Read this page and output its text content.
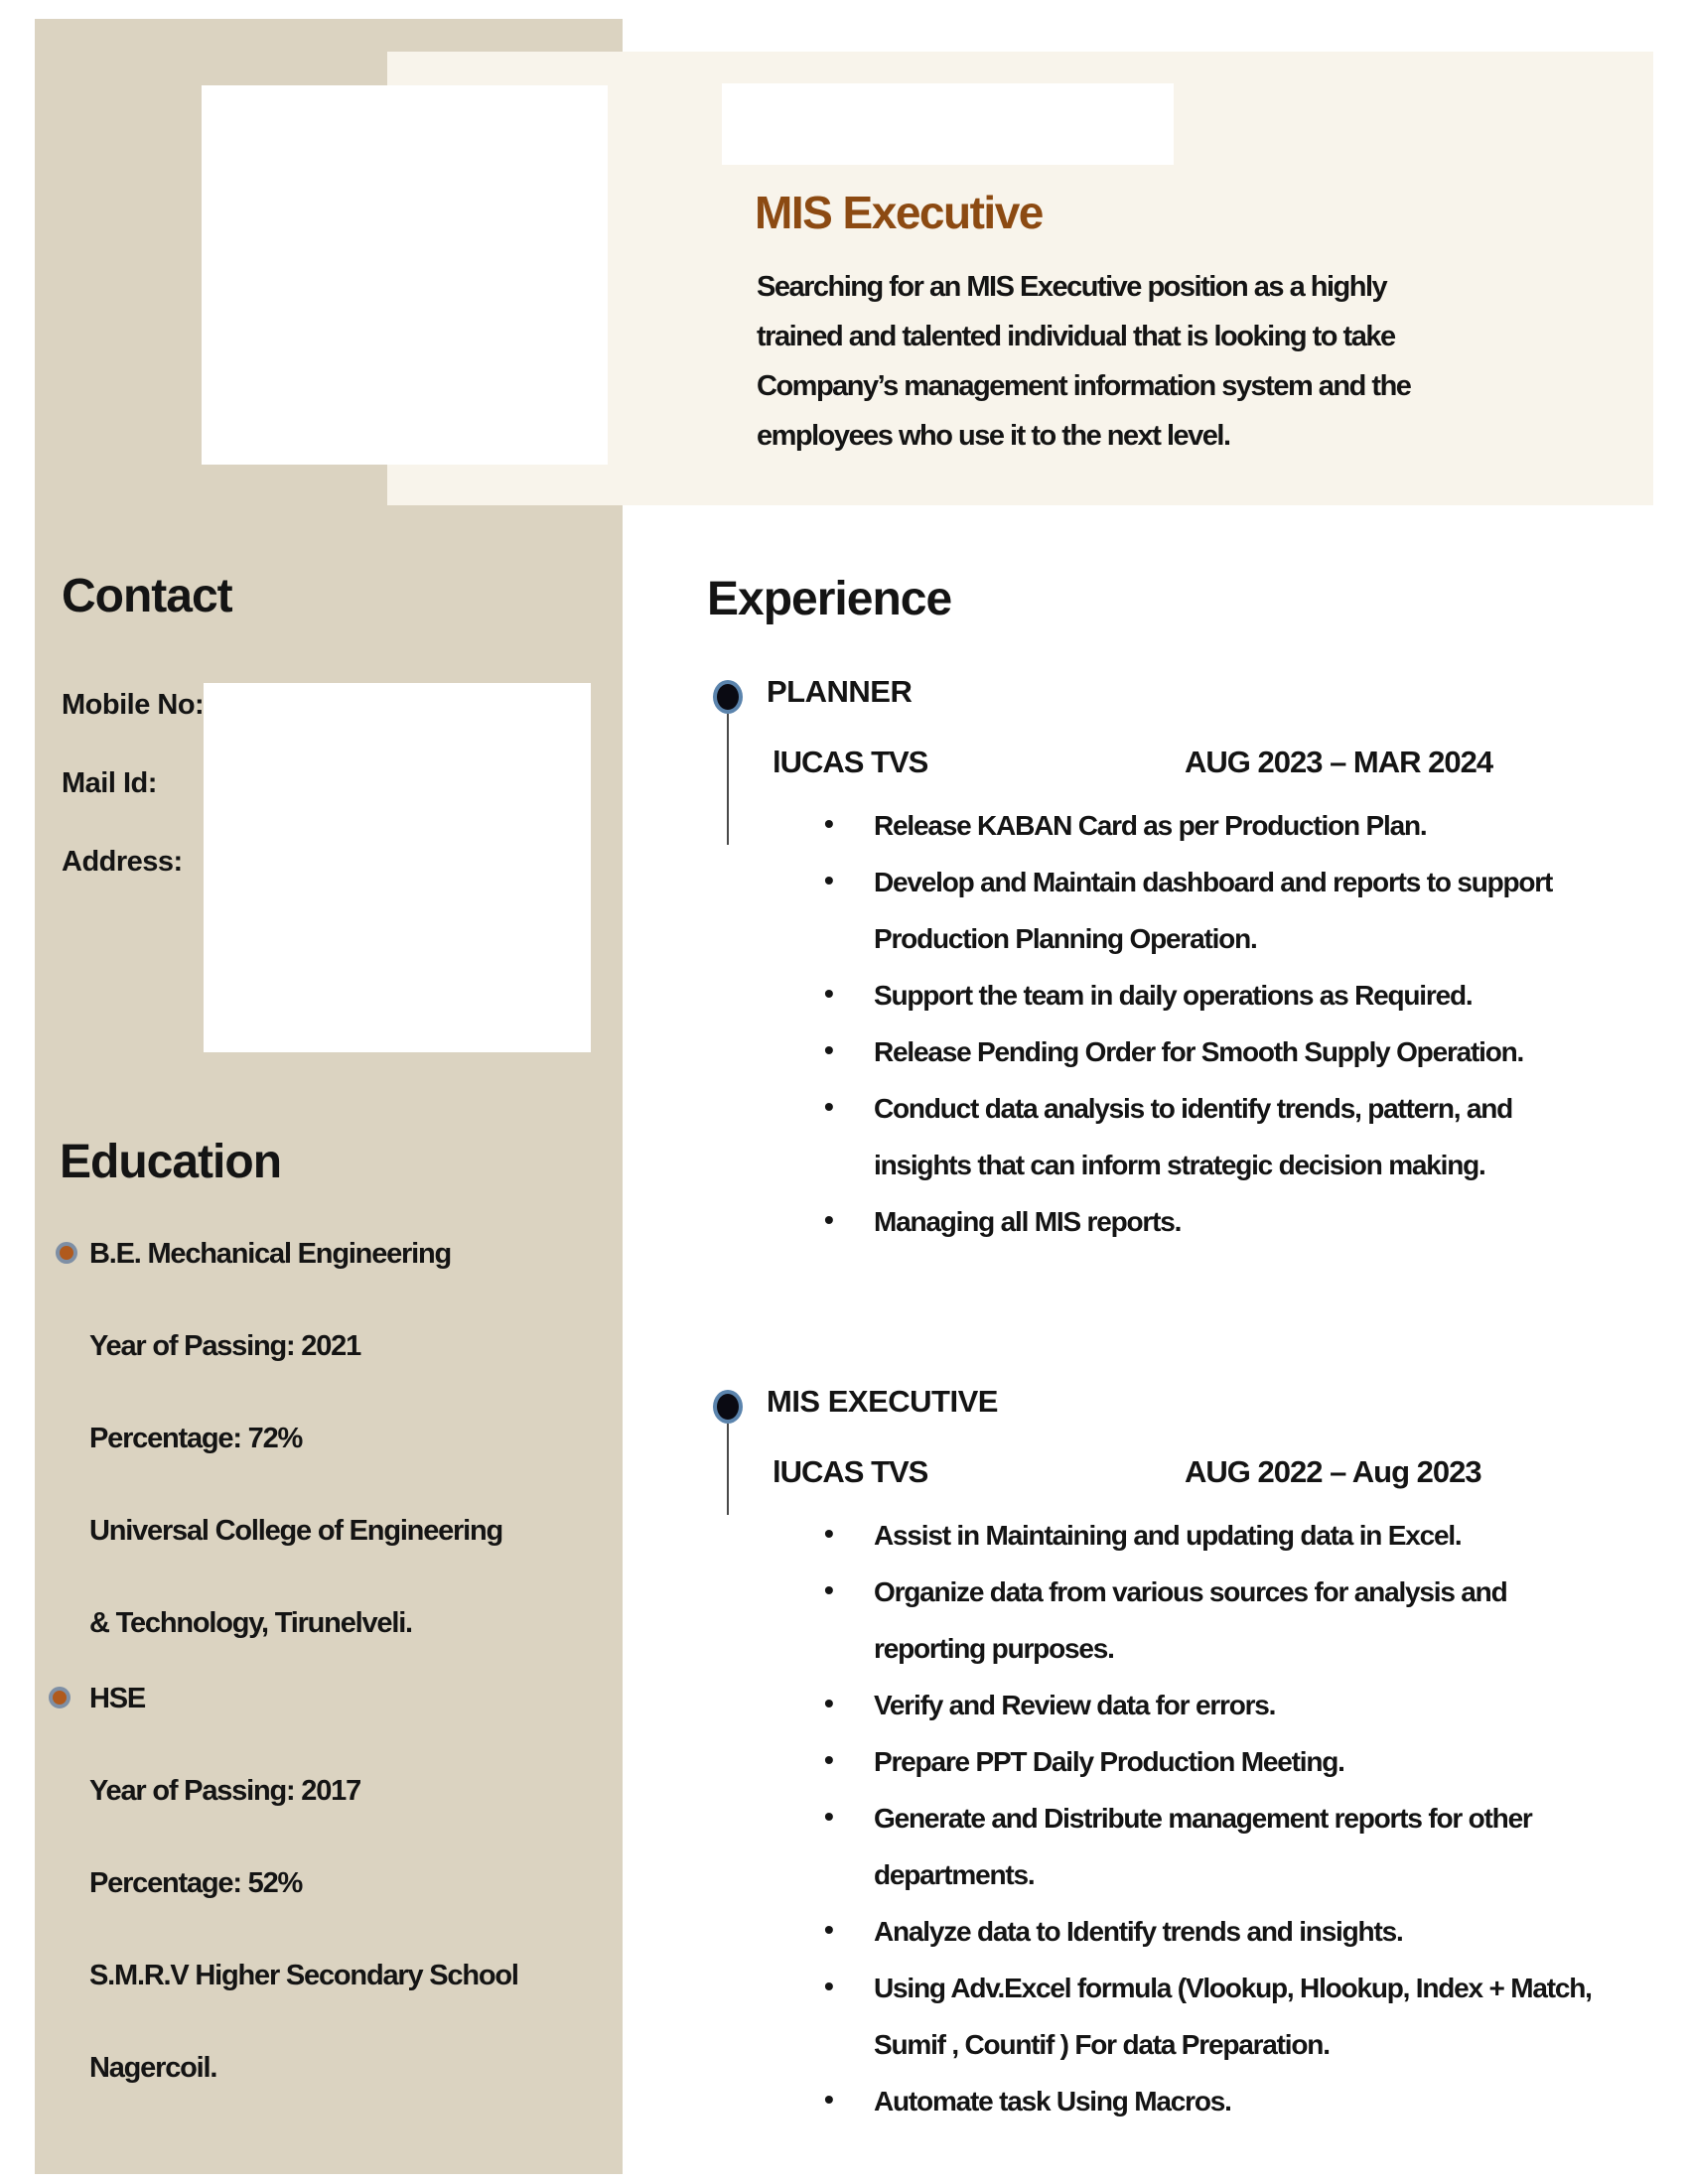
MIS Executive
Searching for an MIS Executive position as a highly
trained and talented individual that is looking to take
Company’s management information system and the
employees who use it to the next level.
Contact
Mobile No:
Mail Id:
Address:
Education
B.E. Mechanical Engineering
Year of Passing: 2021
Percentage: 72%
Universal College of Engineering
& Technology, Tirunelveli.
HSE
Year of Passing: 2017
Percentage: 52%
S.M.R.V Higher Secondary School
Nagercoil.
Experience
PLANNER
lUCAS TVS	AUG 2023 – MAR 2024
• Release KABAN Card as per Production Plan.
• Develop and Maintain dashboard and reports to support
Production Planning Operation.
• Support the team in daily operations as Required.
• Release Pending Order for Smooth Supply Operation.
• Conduct data analysis to identify trends, pattern, and
insights that can inform strategic decision making.
• Managing all MIS reports.
MIS EXECUTIVE
lUCAS TVS	AUG 2022 – Aug 2023
• Assist in Maintaining and updating data in Excel.
• Organize data from various sources for analysis and
reporting purposes.
• Verify and Review data for errors.
• Prepare PPT Daily Production Meeting.
• Generate and Distribute management reports for other
departments.
• Analyze data to Identify trends and insights.
• Using Adv.Excel formula (Vlookup, Hlookup, Index + Match,
Sumif , Countif ) For data Preparation.
• Automate task Using Macros.
